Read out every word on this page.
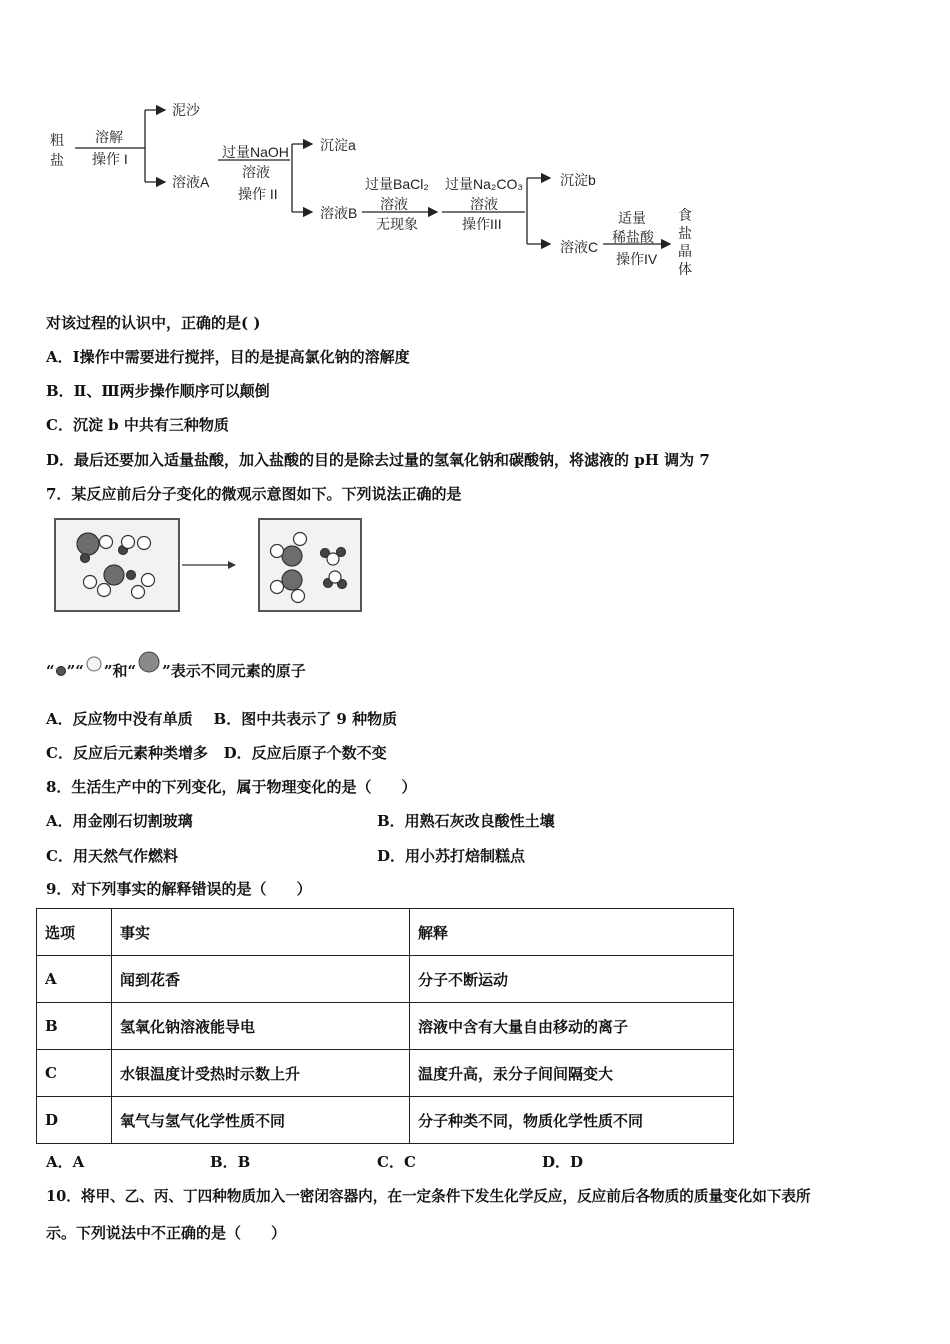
粗
盐
溶解
操作 I
泥沙
溶液A
过量NaOH
溶液
操作 II
沉淀a
溶液B
过量BaCl₂
溶液
无现象
过量Na₂CO₃
溶液
操作III
沉淀b
溶液C
适量
稀盐酸
操作IV
食
盐
晶
体
对该过程的认识中，正确的是( )
A．Ⅰ操作中需要进行搅拌，目的是提高氯化钠的溶解度
B．Ⅱ、Ⅲ两步操作顺序可以颠倒
C．沉淀 b 中共有三种物质
D．最后还要加入适量盐酸，加入盐酸的目的是除去过量的氢氧化钠和碳酸钠，将滤液的 pH 调为 7
7．某反应前后分子变化的微观示意图如下。下列说法正确的是
“ ”“ ”和“ ”表示不同元素的原子
A．反应物中没有单质    B．图中共表示了 9 种物质
C．反应后元素种类增多   D．反应后原子个数不变
8．生活生产中的下列变化，属于物理变化的是（　　）
A．用金刚石切割玻璃	B．用熟石灰改良酸性土壤
C．用天然气作燃料	D．用小苏打焙制糕点
9．对下列事实的解释错误的是（　　）
选项	事实	解释
A	闻到花香	分子不断运动
B	氢氧化钠溶液能导电	溶液中含有大量自由移动的离子
C	水银温度计受热时示数上升	温度升高，汞分子间间隔变大
D	氧气与氢气化学性质不同	分子种类不同，物质化学性质不同
A．A	B．B	C．C	D．D
10．将甲、乙、丙、丁四种物质加入一密闭容器内，在一定条件下发生化学反应，反应前后各物质的质量变化如下表所
示。下列说法中不正确的是（　　）
